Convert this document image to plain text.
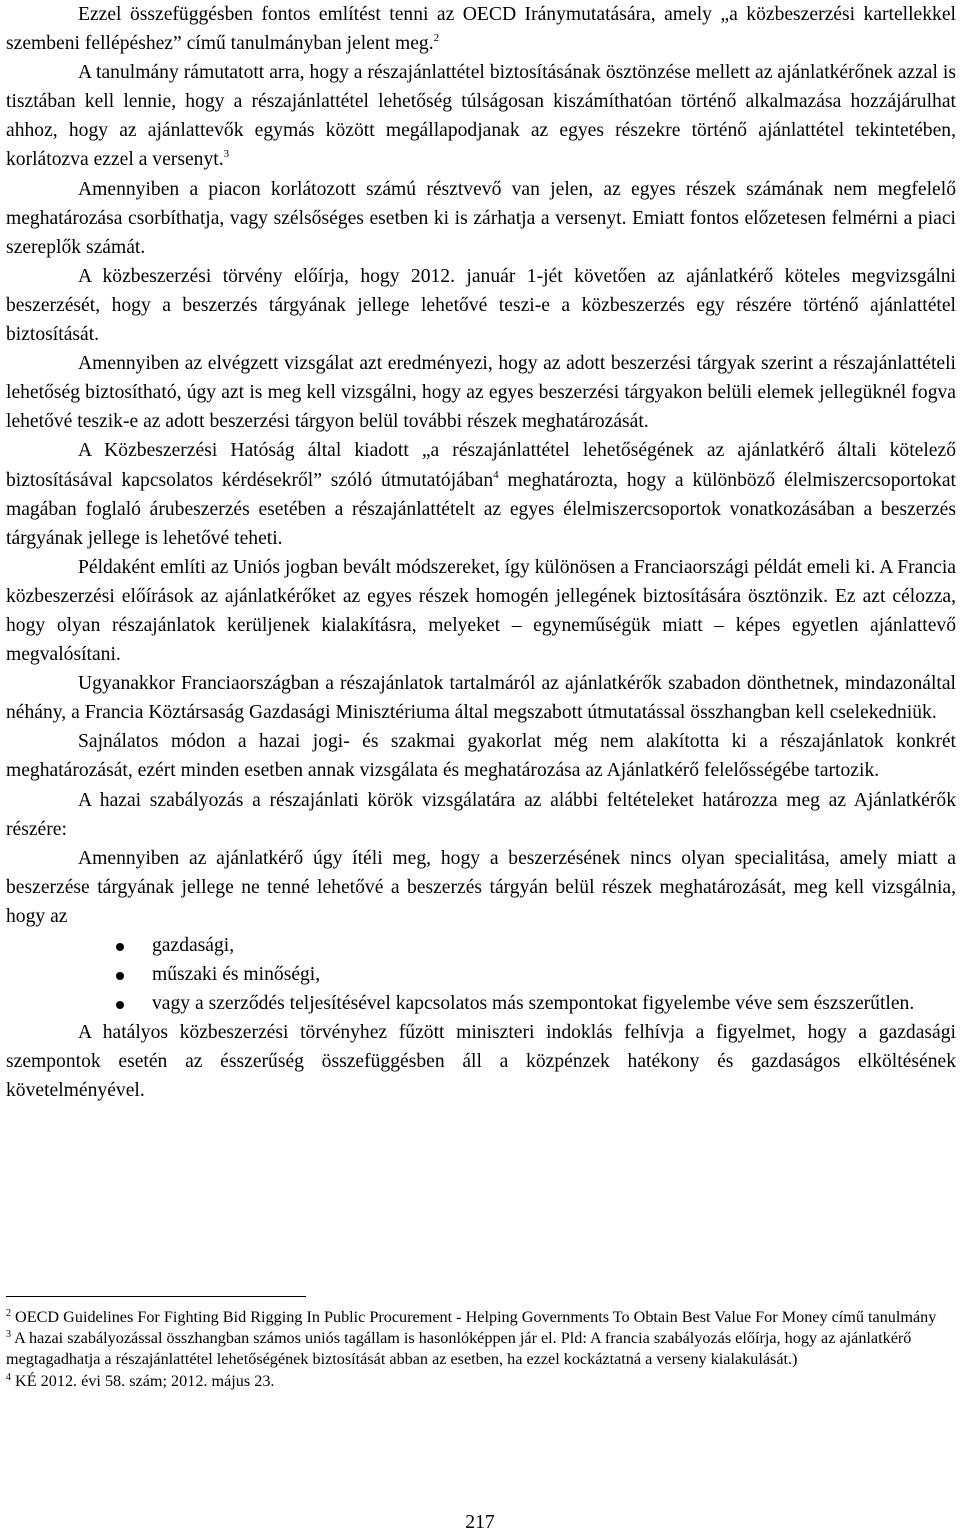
Ezzel összefüggésben fontos említést tenni az OECD Iránymutatására, amely „a közbeszerzési kartellekkel szembeni fellépéshez” című tanulmányban jelent meg.$^2$

A tanulmány rámutatott arra, hogy a részajánlattétel biztosításának ösztönzése mellett az ajánlatkérőnek azzal is tisztában kell lennie, hogy a részajánlattétel lehetőség túlságosan kiszámíthatóan történő alkalmazása hozzájárulhat ahhoz, hogy az ajánlattevők egymás között megállapodjanak az egyes részekre történő ajánlattétel tekintetében, korlátozva ezzel a versenyt.$^3$

Amennyiben a piacon korlátozott számú résztvevő van jelen, az egyes részek számának nem megfelelő meghatározása csorbíthatja, vagy szélsőséges esetben ki is zárhatja a versenyt. Emiatt fontos előzetesen felmérni a piaci szereplők számát.

A közbeszerzési törvény előírja, hogy 2012. január 1-jét követően az ajánlatkérő köteles megvizsgálni beszerzését, hogy a beszerzés tárgyának jellege lehetővé teszi-e a közbeszerzés egy részére történő ajánlattétel biztosítását.

Amennyiben az elvégzett vizsgálat azt eredményezi, hogy az adott beszerzési tárgyak szerint a részajánlattételi lehetőség biztosítható, úgy azt is meg kell vizsgálni, hogy az egyes beszerzési tárgyakon belüli elemek jellegüknél fogva lehetővé teszik-e az adott beszerzési tárgyon belül további részek meghatározását.

A Közbeszerzési Hatóság által kiadott „a részajánlattétel lehetőségének az ajánlatkérő általi kötelező biztosításával kapcsolatos kérdésekről” szóló útmutatójában$^4$ meghatározta, hogy a különböző élelmiszercsoportokat magában foglaló árubeszerzés esetében a részajánlattételt az egyes élelmiszercsoportok vonatkozásában a beszerzés tárgyának jellege is lehetővé teheti.

Példaként említi az Uniós jogban bevált módszereket, így különösen a Franciaországi példát emeli ki. A Francia közbeszerzési előírások az ajánlatkérőket az egyes részek homogén jellegének biztosítására ösztönzik. Ez azt célozza, hogy olyan részajánlatok kerüljenek kialakításra, melyeket – egyneműségük miatt – képes egyetlen ajánlattevő megvalósítani.

Ugyanakkor Franciaországban a részajánlatok tartalmáról az ajánlatkérők szabadon dönthetnek, mindazonáltal néhány, a Francia Köztársaság Gazdasági Minisztériuma által megszabott útmutatással összhangban kell cselekedniük.

Sajnálatos módon a hazai jogi- és szakmai gyakorlat még nem alakította ki a részajánlatok konkrét meghatározását, ezért minden esetben annak vizsgálata és meghatározása az Ajánlatkérő felelősségébe tartozik.

A hazai szabályozás a részajánlati körök vizsgálatára az alábbi feltételeket határozza meg az Ajánlatkérők részére:

Amennyiben az ajánlatkérő úgy ítéli meg, hogy a beszerzésének nincs olyan specialitása, amely miatt a beszerzése tárgyának jellege ne tenné lehetővé a beszerzés tárgyán belül részek meghatározását, meg kell vizsgálnia, hogy az

gazdasági,
műszaki és minőségi,
vagy a szerződés teljesítésével kapcsolatos más szempontokat figyelembe véve sem észszerűtlen.

A hatályos közbeszerzési törvényhez fűzött miniszteri indoklás felhívja a figyelmet, hogy a gazdasági szempontok esetén az ésszerűség összefüggésben áll a közpénzek hatékony és gazdaságos elköltésének követelményével.

$^2$ OECD Guidelines For Fighting Bid Rigging In Public Procurement - Helping Governments To Obtain Best Value For Money című tanulmány

$^3$ A hazai szabályozással összhangban számos uniós tagállam is hasonlóképpen jár el. Pld: A francia szabályozás előírja, hogy az ajánlatkérő megtagadhatja a részajánlattétel lehetőségének biztosítását abban az esetben, ha ezzel kockáztatná a verseny kialakulását.)

$^4$ KÉ 2012. évi 58. szám; 2012. május 23.

217
